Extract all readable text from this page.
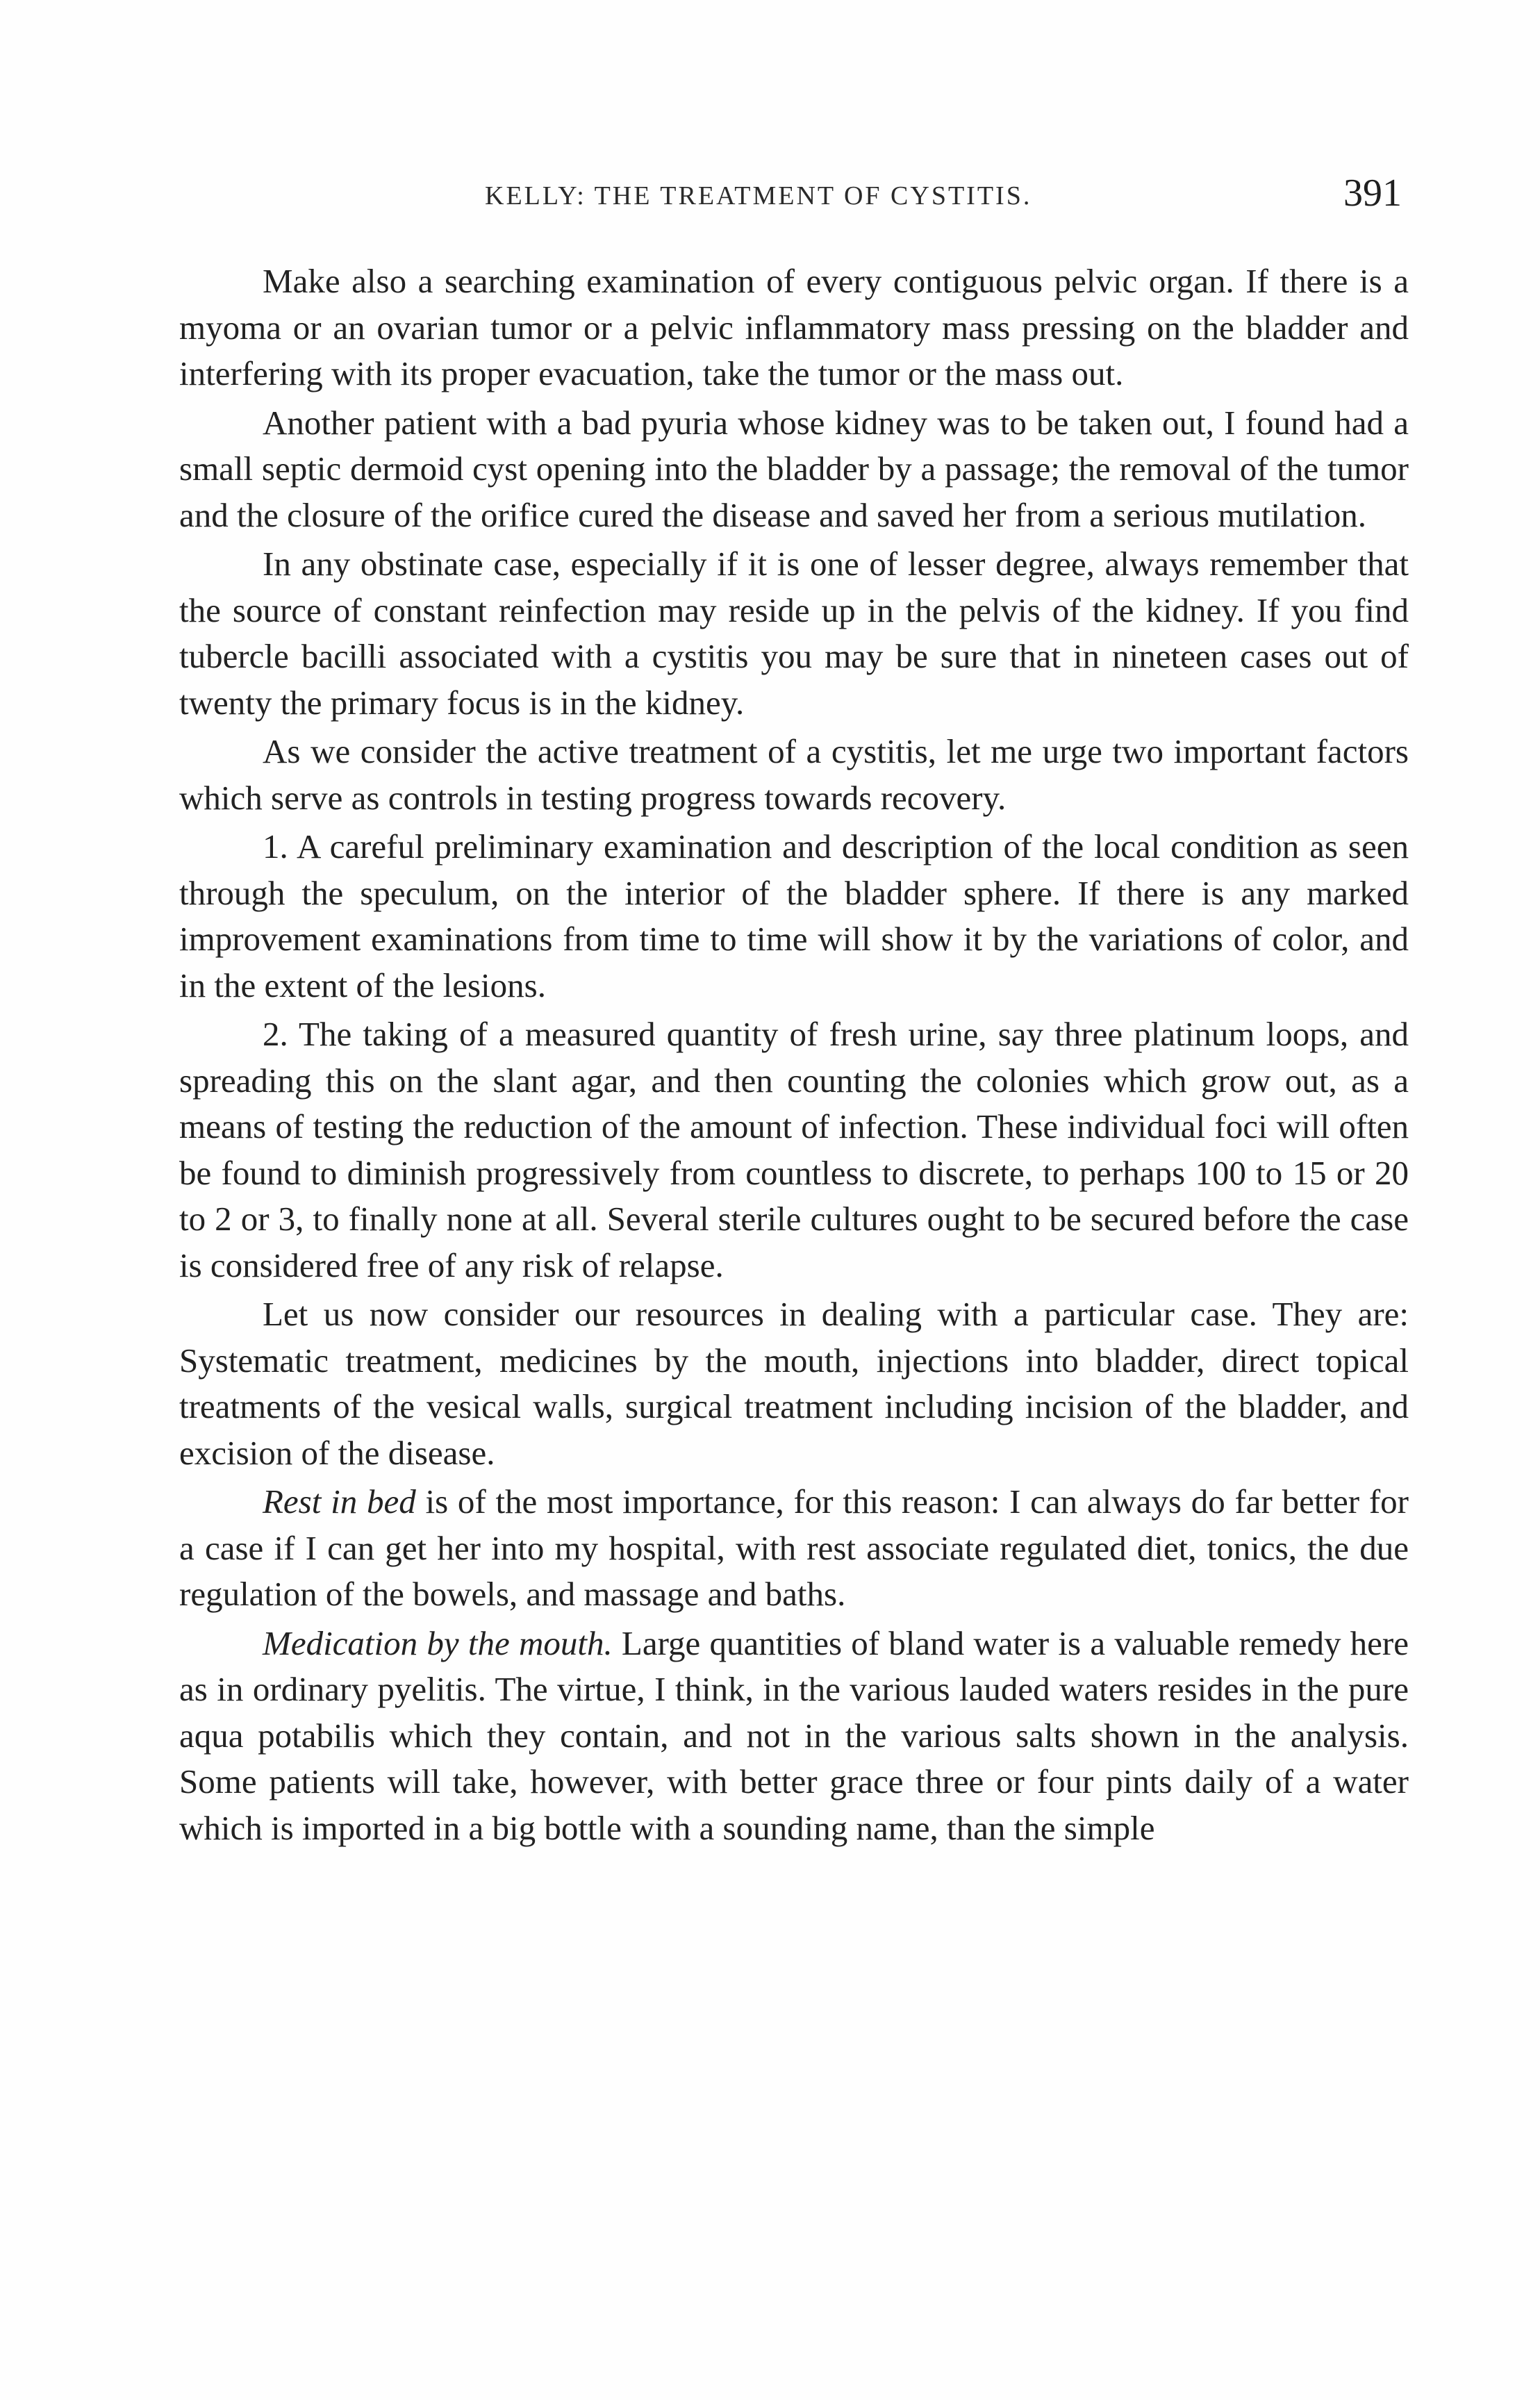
KELLY: THE TREATMENT OF CYSTITIS.	391

Make also a searching examination of every contiguous pelvic organ. If there is a myoma or an ovarian tumor or a pelvic inflammatory mass pressing on the bladder and interfering with its proper evacuation, take the tumor or the mass out.

Another patient with a bad pyuria whose kidney was to be taken out, I found had a small septic dermoid cyst opening into the bladder by a passage; the removal of the tumor and the closure of the orifice cured the disease and saved her from a serious mutilation.

In any obstinate case, especially if it is one of lesser degree, always remember that the source of constant reinfection may reside up in the pelvis of the kidney. If you find tubercle bacilli associated with a cystitis you may be sure that in nineteen cases out of twenty the primary focus is in the kidney.

As we consider the active treatment of a cystitis, let me urge two important factors which serve as controls in testing progress towards recovery.

1. A careful preliminary examination and description of the local condition as seen through the speculum, on the interior of the bladder sphere. If there is any marked improvement examinations from time to time will show it by the variations of color, and in the extent of the lesions.

2. The taking of a measured quantity of fresh urine, say three platinum loops, and spreading this on the slant agar, and then counting the colonies which grow out, as a means of testing the reduction of the amount of infection. These individual foci will often be found to diminish progressively from countless to discrete, to perhaps 100 to 15 or 20 to 2 or 3, to finally none at all. Several sterile cultures ought to be secured before the case is considered free of any risk of relapse.

Let us now consider our resources in dealing with a particular case. They are: Systematic treatment, medicines by the mouth, injections into bladder, direct topical treatments of the vesical walls, surgical treatment including incision of the bladder, and excision of the disease.

Rest in bed is of the most importance, for this reason: I can always do far better for a case if I can get her into my hospital, with rest associate regulated diet, tonics, the due regulation of the bowels, and massage and baths.

Medication by the mouth. Large quantities of bland water is a valuable remedy here as in ordinary pyelitis. The virtue, I think, in the various lauded waters resides in the pure aqua potabilis which they contain, and not in the various salts shown in the analysis. Some patients will take, however, with better grace three or four pints daily of a water which is imported in a big bottle with a sounding name, than the simple
